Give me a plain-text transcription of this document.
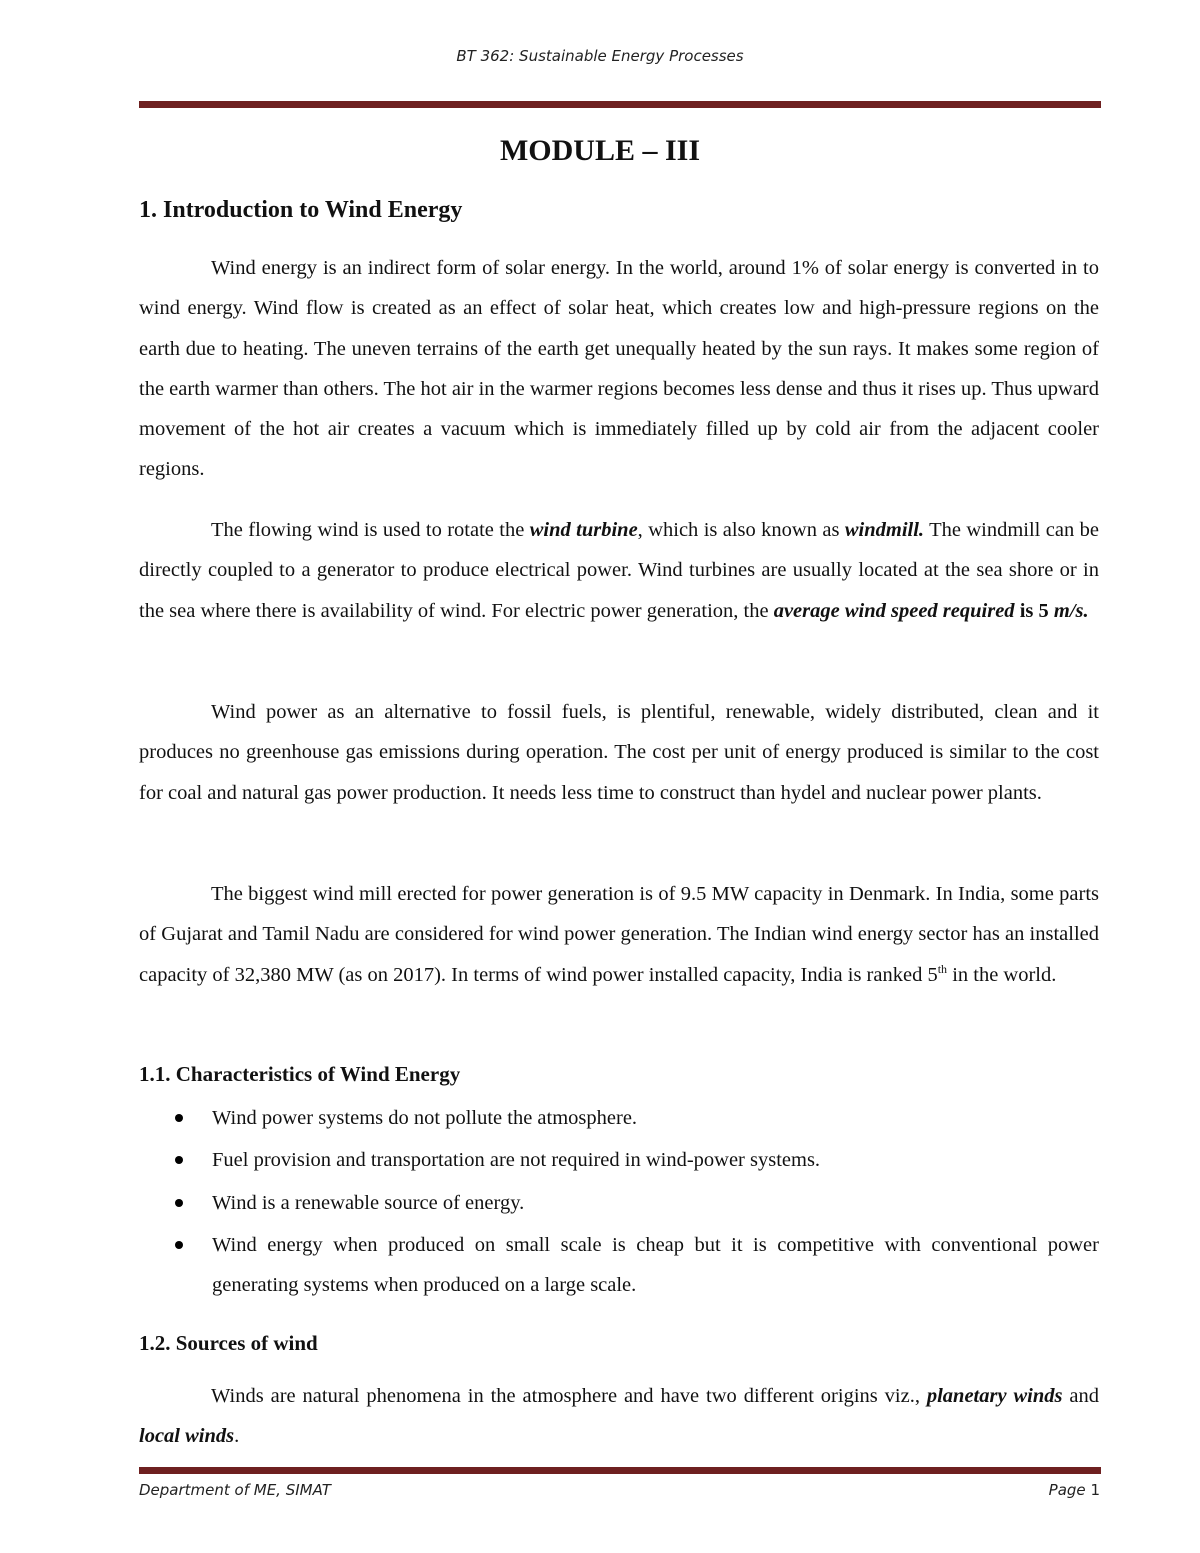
BT 362: Sustainable Energy Processes
MODULE – III
1. Introduction to Wind Energy

Wind energy is an indirect form of solar energy. In the world, around 1% of solar energy is converted in to wind energy. Wind flow is created as an effect of solar heat, which creates low and high-pressure regions on the earth due to heating. The uneven terrains of the earth get unequally heated by the sun rays. It makes some region of the earth warmer than others. The hot air in the warmer regions becomes less dense and thus it rises up. Thus upward movement of the hot air creates a vacuum which is immediately filled up by cold air from the adjacent cooler regions.

The flowing wind is used to rotate the wind turbine, which is also known as windmill. The windmill can be directly coupled to a generator to produce electrical power. Wind turbines are usually located at the sea shore or in the sea where there is availability of wind. For electric power generation, the average wind speed required is 5 m/s.

Wind power as an alternative to fossil fuels, is plentiful, renewable, widely distributed, clean and it produces no greenhouse gas emissions during operation. The cost per unit of energy produced is similar to the cost for coal and natural gas power production. It needs less time to construct than hydel and nuclear power plants.

The biggest wind mill erected for power generation is of 9.5 MW capacity in Denmark. In India, some parts of Gujarat and Tamil Nadu are considered for wind power generation. The Indian wind energy sector has an installed capacity of 32,380 MW (as on 2017). In terms of wind power installed capacity, India is ranked 5th in the world.

1.1. Characteristics of Wind Energy
Wind power systems do not pollute the atmosphere.
Fuel provision and transportation are not required in wind-power systems.
Wind is a renewable source of energy.
Wind energy when produced on small scale is cheap but it is competitive with conventional power generating systems when produced on a large scale.
1.2. Sources of wind

Winds are natural phenomena in the atmosphere and have two different origins viz., planetary winds and local winds.

Department of ME, SIMAT	Page 1
